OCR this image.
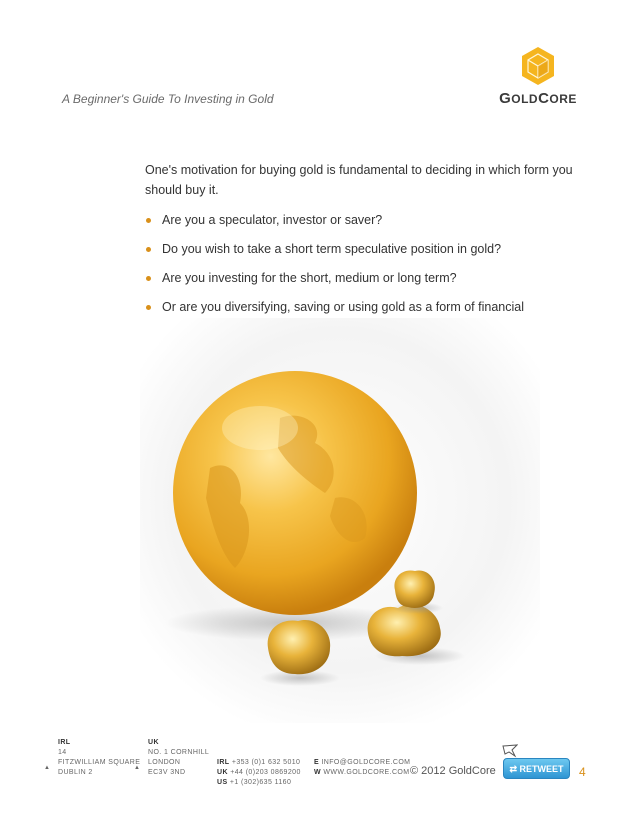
A Beginner's Guide To Investing in Gold	GOLDCORE
One's motivation for buying gold is fundamental to deciding in which form you should buy it.
Are you a speculator, investor or saver?
Do you wish to take a short term speculative position in gold?
Are you investing for the short, medium or long term?
Or are you diversifying, saving or using gold as a form of financial
▲
IRL
14
FITZWILLIAM SQUARE
DUBLIN 2
▲
UK
NO. 1 CORNHILL
LONDON
EC3V 3ND
IRL +353 (0)1 632 5010
UK +44 (0)203 0869200
US +1 (302)635 1160
E INFO@GOLDCORE.COM
W WWW.GOLDCORE.COM © 2012 GoldCore	⇄ RETWEET	4
